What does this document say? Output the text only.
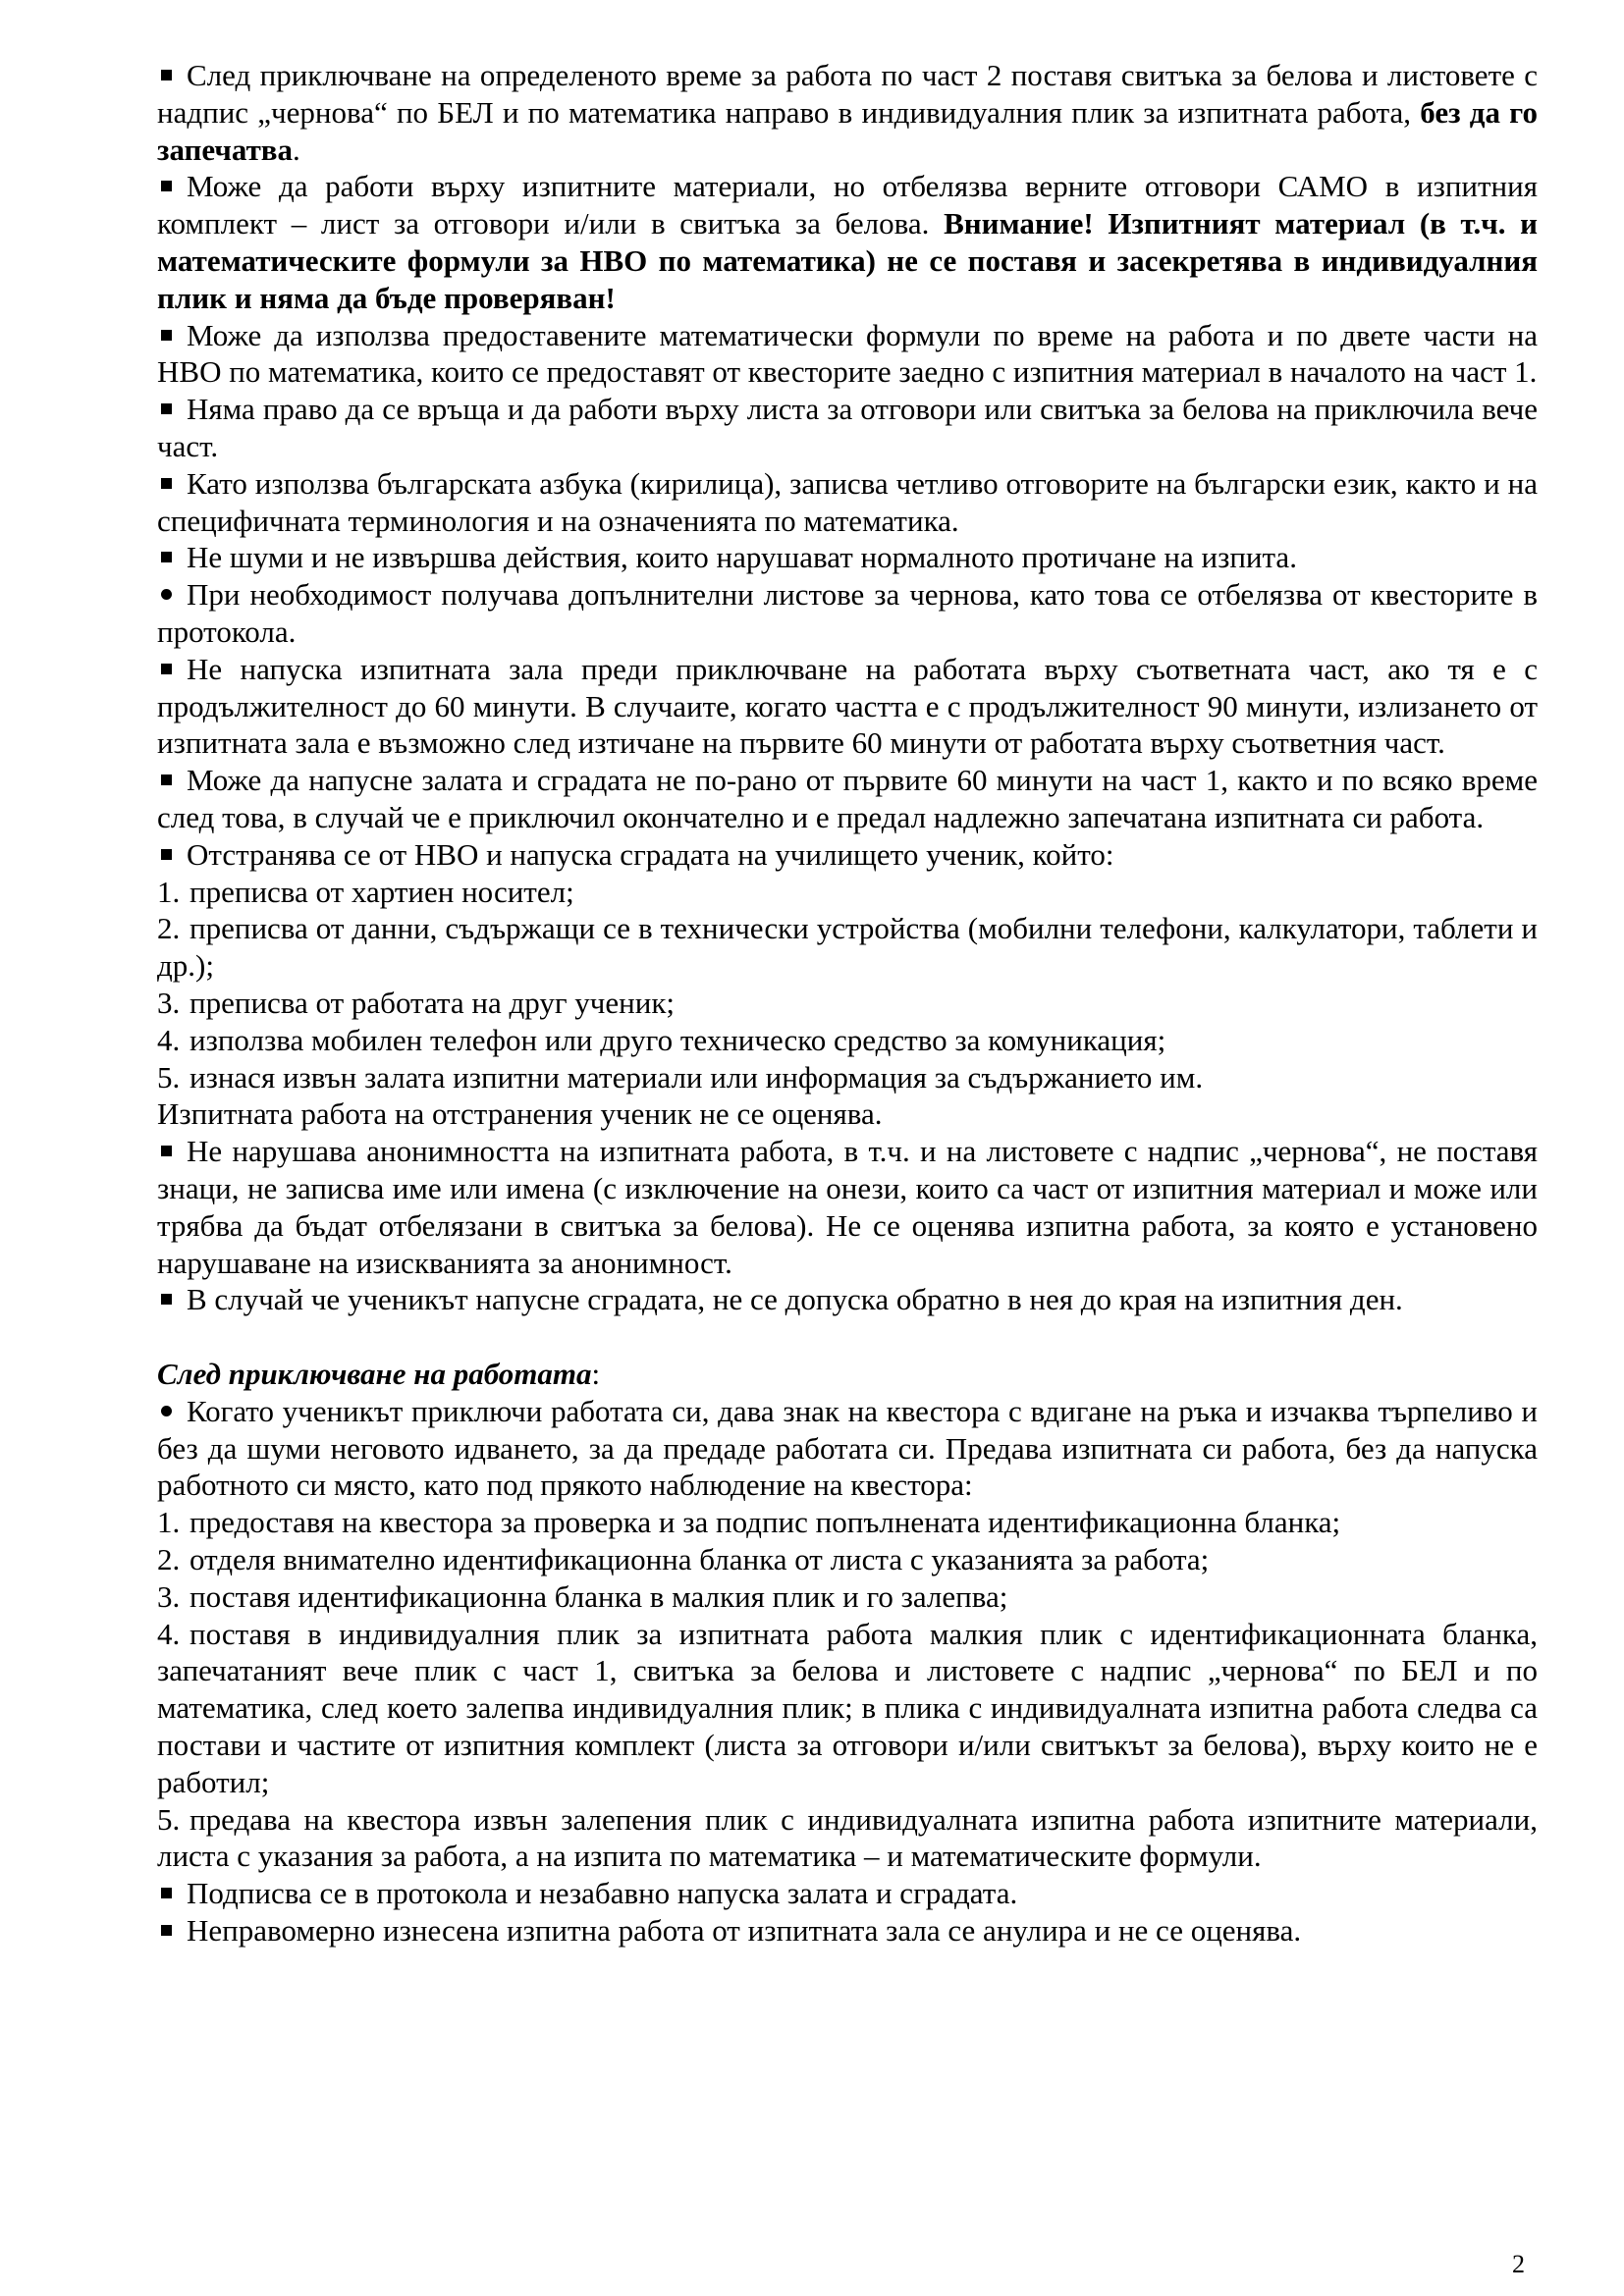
След приключване на определеното време за работа по част 2 поставя свитъка за белова и листовете с надпис „чернова“ по БЕЛ и по математика направо в индивидуалния плик за изпитната работа, без да го запечатва.

Може да работи върху изпитните материали, но отбелязва верните отговори САМО в изпитния комплект – лист за отговори и/или в свитъка за белова. Внимание! Изпитният материал (в т.ч. и математическите формули за НВО по математика) не се поставя и засекретява в индивидуалния плик и няма да бъде проверяван!

Може да използва предоставените математически формули по време на работа и по двете части на НВО по математика, които се предоставят от квесторите заедно с изпитния материал в началото на част 1.

Няма право да се връща и да работи върху листа за отговори или свитъка за белова на приключила вече част.

Като използва българската азбука (кирилица), записва четливо отговорите на български език, както и на специфичната терминология и на означенията по математика.

Не шуми и не извършва действия, които нарушават нормалното протичане на изпита.

При необходимост получава допълнителни листове за чернова, като това се отбелязва от квесторите в протокола.

Не напуска изпитната зала преди приключване на работата върху съответната част, ако тя е с продължителност до 60 минути. В случаите, когато частта е с продължителност 90 минути, излизането от изпитната зала е възможно след изтичане на първите 60 минути от работата върху съответния част.

Може да напусне залата и сградата не по-рано от първите 60 минути на част 1, както и по всяко време след това, в случай че е приключил окончателно и е предал надлежно запечатана изпитната си работа.

Отстранява се от НВО и напуска сградата на училището ученик, който:

1. преписва от хартиен носител;

2. преписва от данни, съдържащи се в технически устройства (мобилни телефони, калкулатори, таблети и др.);

3. преписва от работата на друг ученик;

4. използва мобилен телефон или друго техническо средство за комуникация;

5. изнася извън залата изпитни материали или информация за съдържанието им.

Изпитната работа на отстранения ученик не се оценява.

Не нарушава анонимността на изпитната работа, в т.ч. и на листовете с надпис „чернова“, не поставя знаци, не записва име или имена (с изключение на онези, които са част от изпитния материал и може или трябва да бъдат отбелязани в свитъка за белова). Не се оценява изпитна работа, за която е установено нарушаване на изискванията за анонимност.

В случай че ученикът напусне сградата, не се допуска обратно в нея до края на изпитния ден.

След приключване на работата:

Когато ученикът приключи работата си, дава знак на квестора с вдигане на ръка и изчаква търпеливо и без да шуми неговото идването, за да предаде работата си. Предава изпитната си работа, без да напуска работното си място, като под прякото наблюдение на квестора:

1. предоставя на квестора за проверка и за подпис попълнената идентификационна бланка;

2. отделя внимателно идентификационна бланка от листа с указанията за работа;

3. поставя идентификационна бланка в малкия плик и го залепва;

4. поставя в индивидуалния плик за изпитната работа малкия плик с идентификационната бланка, запечатаният вече плик с част 1, свитъка за белова и листовете с надпис „чернова“ по БЕЛ и по математика, след което залепва индивидуалния плик; в плика с индивидуалната изпитна работа следва са постави и частите от изпитния комплект (листа за отговори и/или свитъкът за белова), върху които не е работил;

5. предава на квестора извън залепения плик с индивидуалната изпитна работа изпитните материали, листа с указания за работа, а на изпита по математика – и математическите формули.

Подписва се в протокола и незабавно напуска залата и сградата.

Неправомерно изнесена изпитна работа от изпитната зала се анулира и не се оценява.

2
